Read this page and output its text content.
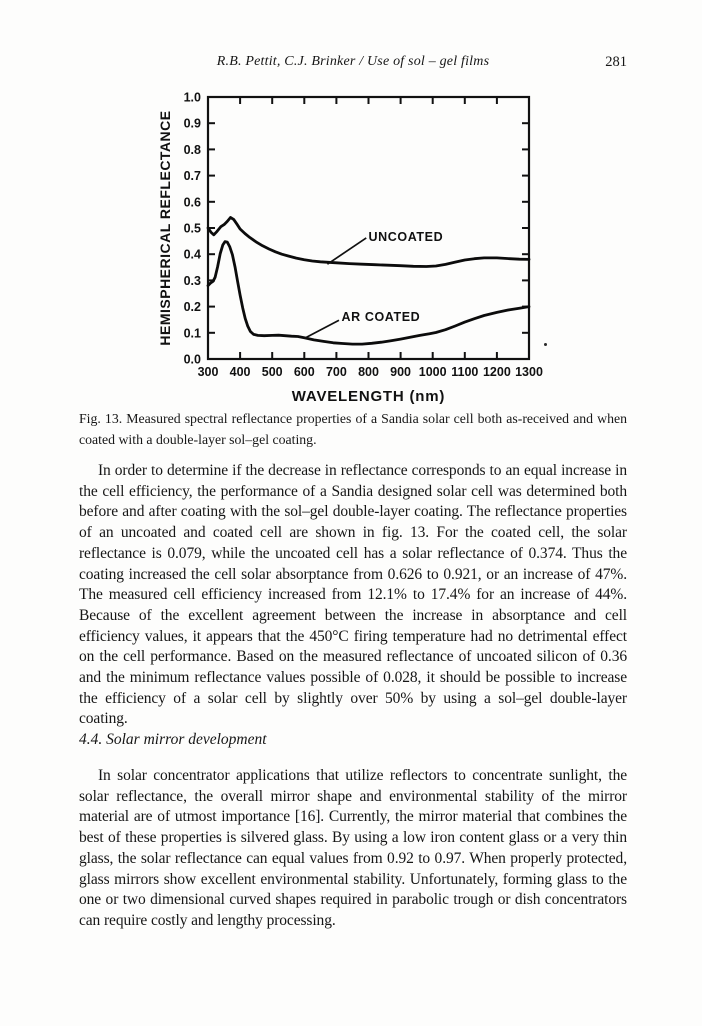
R.B. Pettit, C.J. Brinker / Use of sol – gel films	281
300 400 500 600 700 800 900 1000 1100 1200 1300
0.0
0.1
0.2
0.3
0.4
0.5
0.6
0.7
0.8
0.9
1.0
WAVELENGTH (nm)
HEMISPHERICAL REFLECTANCE	UNCOATED
AR COATED
Fig. 13. Measured spectral reflectance properties of a Sandia solar cell both as-received and when coated with a double-layer sol–gel coating.

In order to determine if the decrease in reflectance corresponds to an equal increase in the cell efficiency, the performance of a Sandia designed solar cell was determined both before and after coating with the sol–gel double-layer coating. The reflectance properties of an uncoated and coated cell are shown in fig. 13. For the coated cell, the solar reflectance is 0.079, while the uncoated cell has a solar reflectance of 0.374. Thus the coating increased the cell solar absorptance from 0.626 to 0.921, or an increase of 47%. The measured cell efficiency increased from 12.1% to 17.4% for an increase of 44%. Because of the excellent agreement between the increase in absorptance and cell efficiency values, it appears that the 450°C firing temperature had no detrimental effect on the cell performance. Based on the measured reflectance of uncoated silicon of 0.36 and the minimum reflectance values possible of 0.028, it should be possible to increase the efficiency of a solar cell by slightly over 50% by using a sol–gel double-layer coating.

4.4. Solar mirror development

In solar concentrator applications that utilize reflectors to concentrate sunlight, the solar reflectance, the overall mirror shape and environmental stability of the mirror material are of utmost importance [16]. Currently, the mirror material that combines the best of these properties is silvered glass. By using a low iron content glass or a very thin glass, the solar reflectance can equal values from 0.92 to 0.97. When properly protected, glass mirrors show excellent environmental stability. Unfortunately, forming glass to the one or two dimensional curved shapes required in parabolic trough or dish concentrators can require costly and lengthy processing.
